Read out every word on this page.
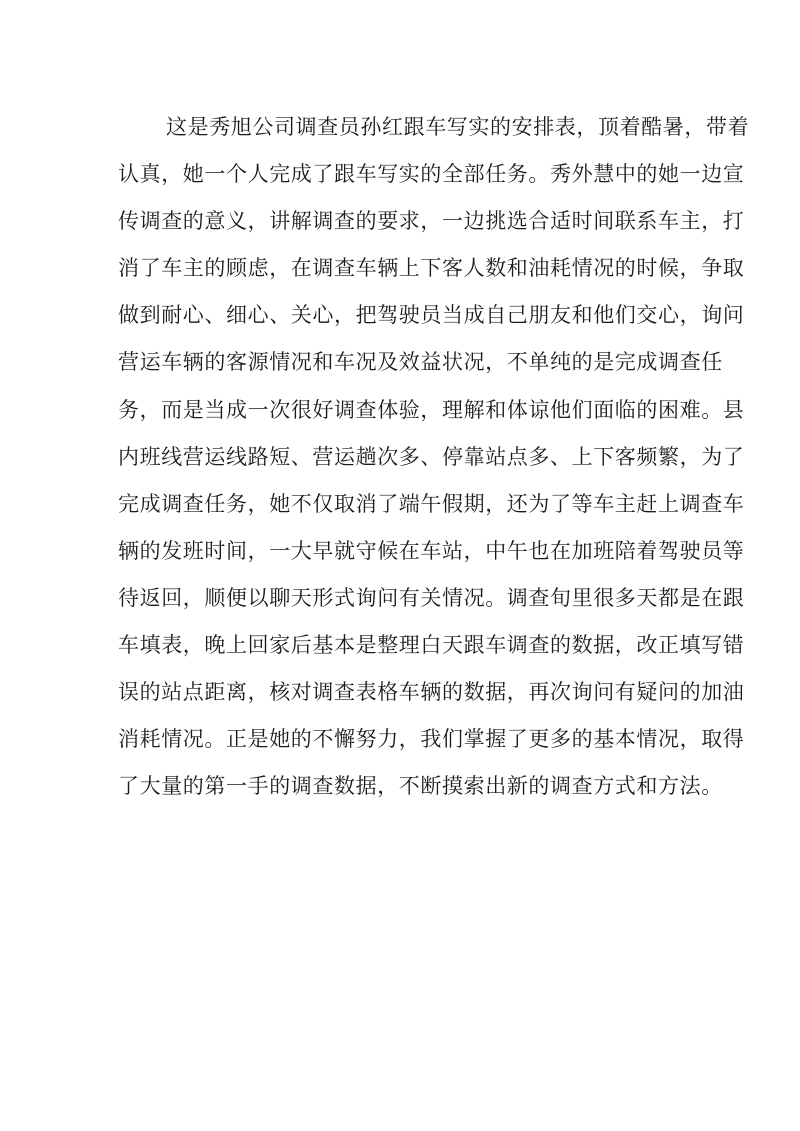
这是秀旭公司调查员孙红跟车写实的安排表，顶着酷暑，带着
认真，她一个人完成了跟车写实的全部任务。秀外慧中的她一边宣
传调查的意义，讲解调查的要求，一边挑选合适时间联系车主，打
消了车主的顾虑，在调查车辆上下客人数和油耗情况的时候，争取
做到耐心、细心、关心，把驾驶员当成自己朋友和他们交心，询问
营运车辆的客源情况和车况及效益状况，不单纯的是完成调查任
务，而是当成一次很好调查体验，理解和体谅他们面临的困难。县
内班线营运线路短、营运趟次多、停靠站点多、上下客频繁，为了
完成调查任务，她不仅取消了端午假期，还为了等车主赶上调查车
辆的发班时间，一大早就守候在车站，中午也在加班陪着驾驶员等
待返回，顺便以聊天形式询问有关情况。调查旬里很多天都是在跟
车填表，晚上回家后基本是整理白天跟车调查的数据，改正填写错
误的站点距离，核对调查表格车辆的数据，再次询问有疑问的加油
消耗情况。正是她的不懈努力，我们掌握了更多的基本情况，取得
了大量的第一手的调查数据，不断摸索出新的调查方式和方法。
